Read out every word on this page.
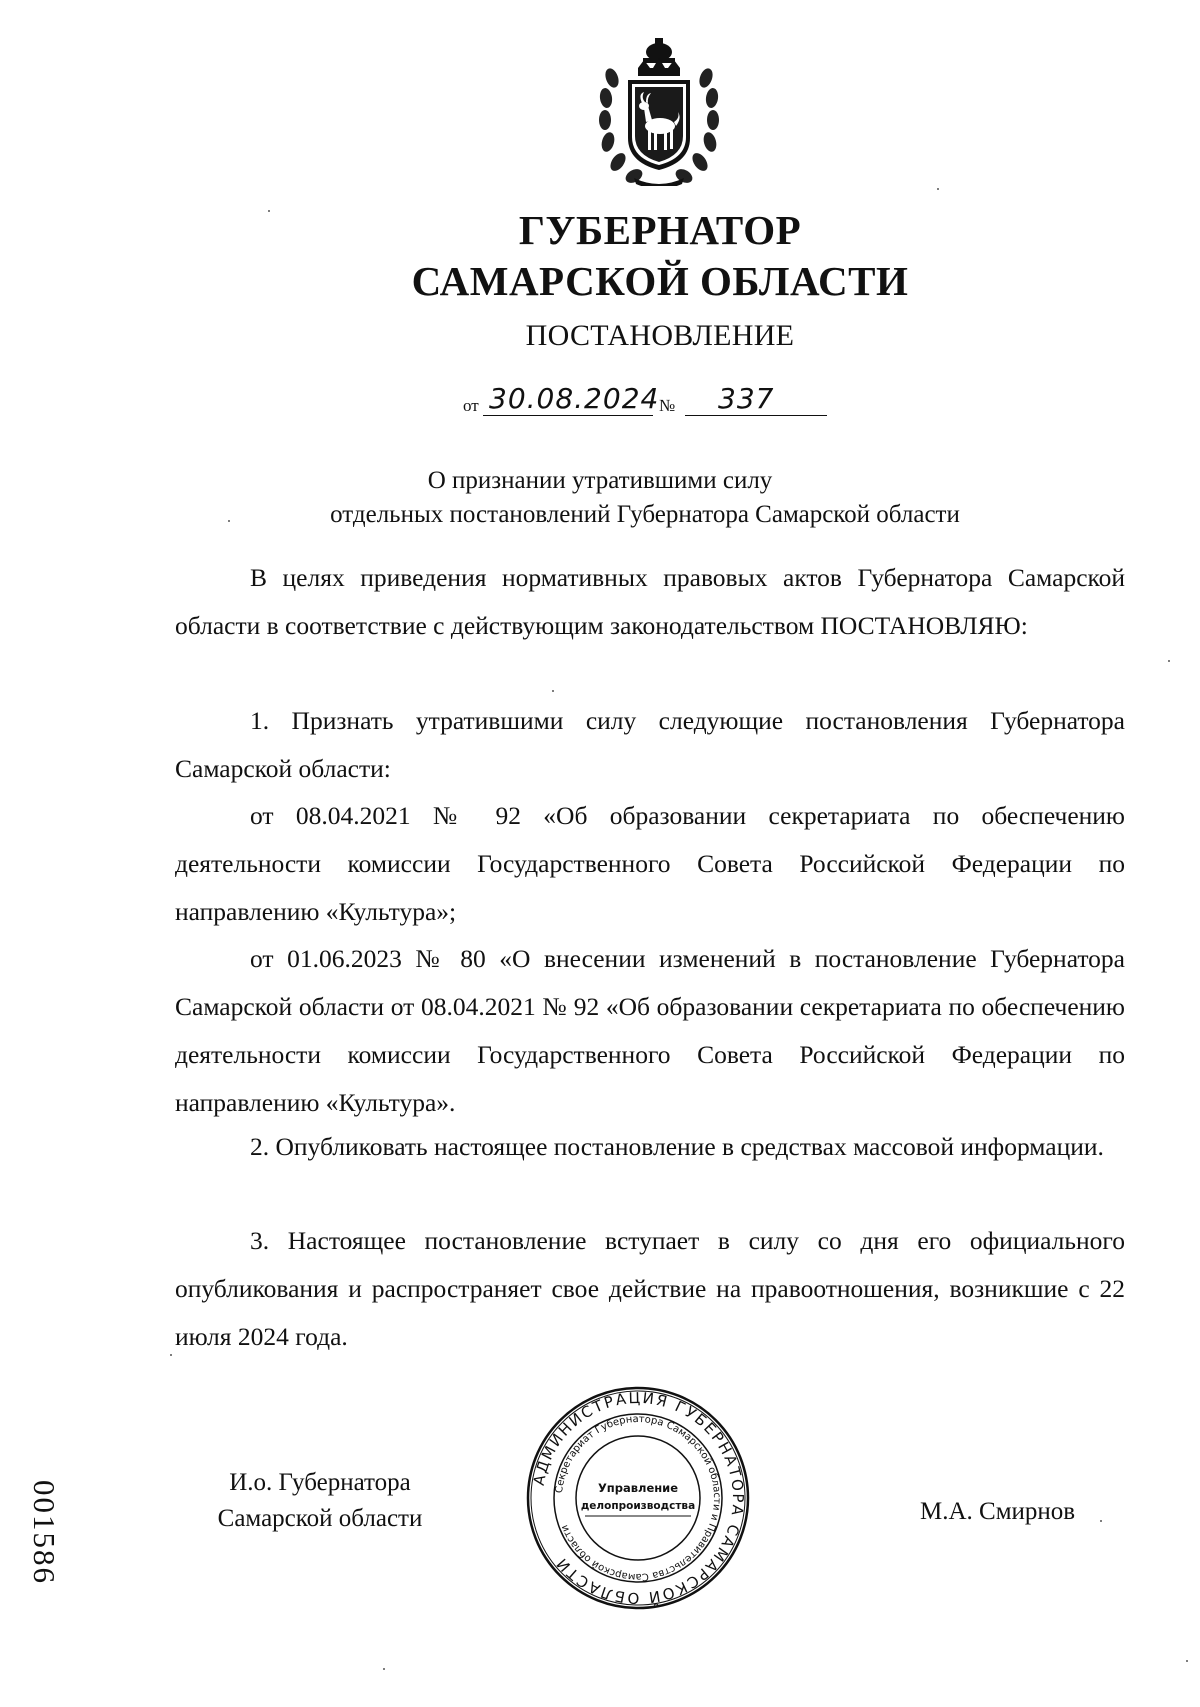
ГУБЕРНАТОР
САМАРСКОЙ ОБЛАСТИ
ПОСТАНОВЛЕНИЕ
от 30.08.2024 № 337
О признании утратившими силу
отдельных постановлений Губернатора Самарской области
В целях приведения нормативных правовых актов Губернатора Самарской области в соответствие с действующим законодательством ПОСТАНОВЛЯЮ:
1. Признать утратившими силу следующие постановления Губернатора Самарской области:
от 08.04.2021 № 92 «Об образовании секретариата по обеспечению деятельности комиссии Государственного Совета Российской Федерации по направлению «Культура»;
от 01.06.2023 № 80 «О внесении изменений в постановление Губернатора Самарской области от 08.04.2021 № 92 «Об образовании секретариата по обеспечению деятельности комиссии Государственного Совета Российской Федерации по направлению «Культура».
2. Опубликовать настоящее постановление в средствах массовой информации.
3. Настоящее постановление вступает в силу со дня его официального опубликования и распространяет свое действие на правоотношения, возникшие с 22 июля 2024 года.
001586	И.о. Губернатора
Самарской области
АДМИНИСТРАЦИЯ ГУБЕРНАТОРА САМАРСКОЙ ОБЛАСТИ
Секретариат Губернатора Самарской области и Правительства Самарской области
Управление
делопроизводства	М.А. Смирнов
